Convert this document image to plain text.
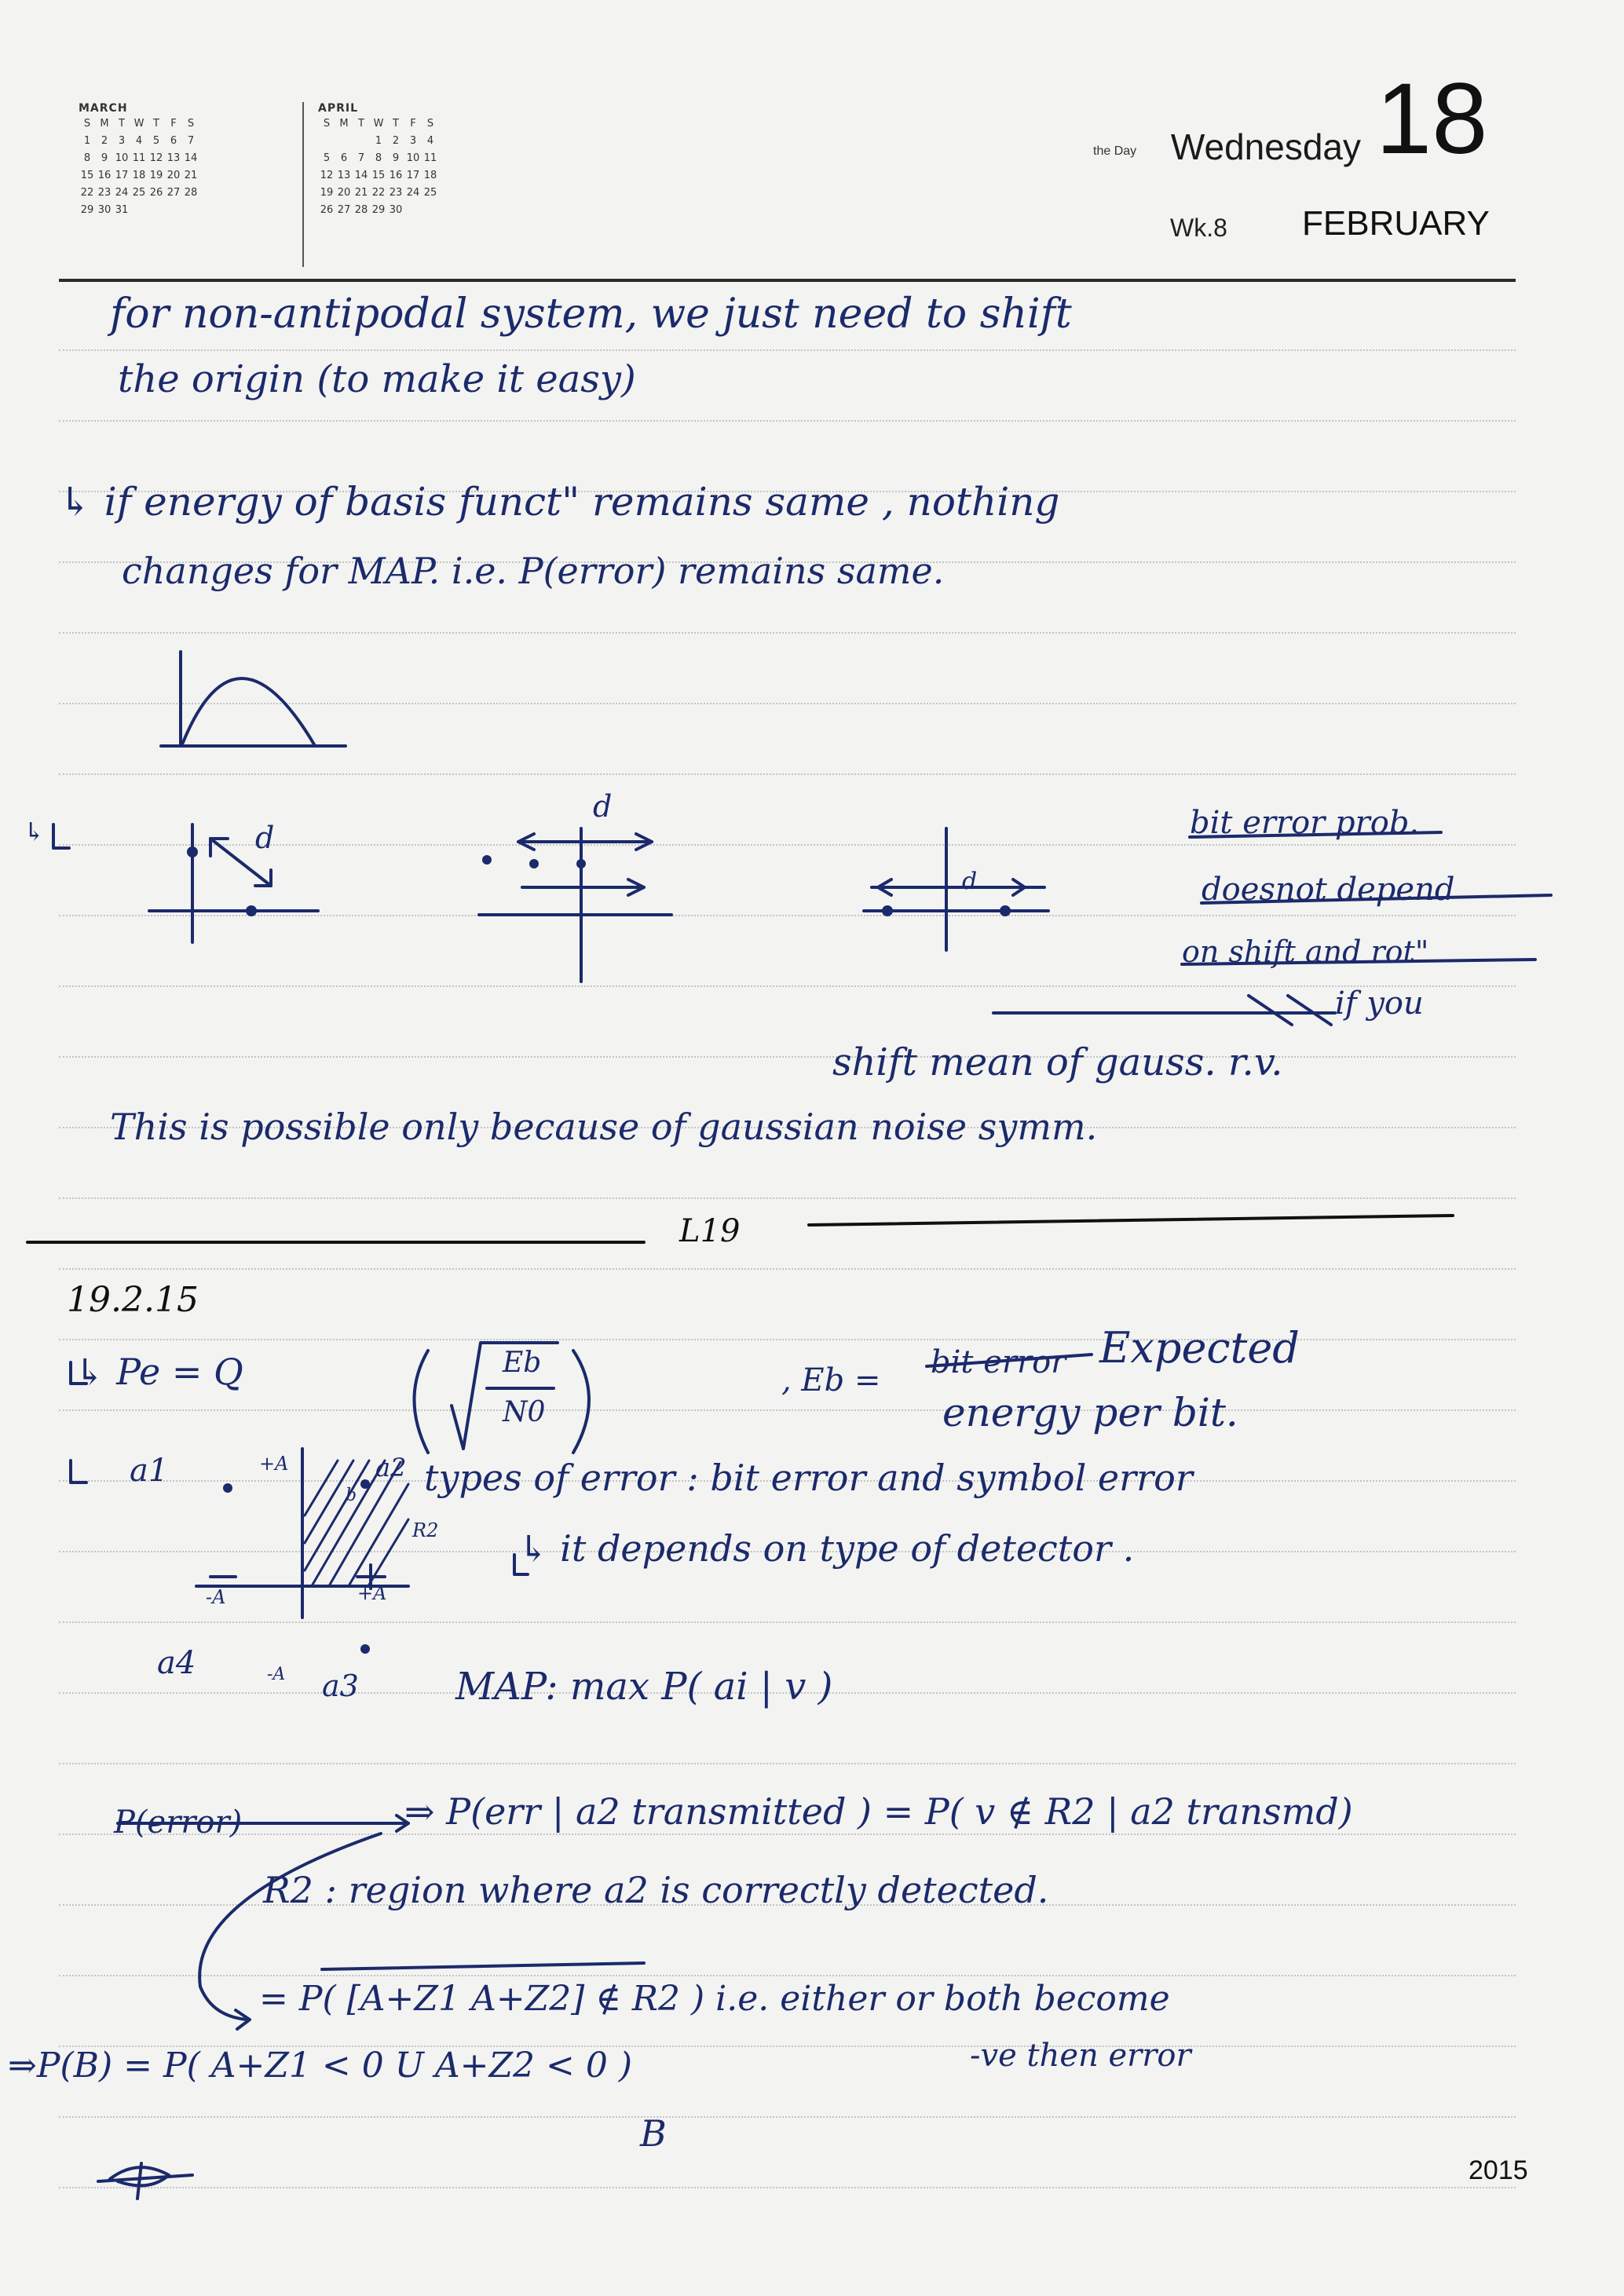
MARCH
S	M	T	W	T	F	S
1	2	3	4	5	6	7
8	9	10	11	12	13	14
15	16	17	18	19	20	21
22	23	24	25	26	27	28
29	30	31				
APRIL
S	M	T	W	T	F	S
			1	2	3	4
5	6	7	8	9	10	11
12	13	14	15	16	17	18
19	20	21	22	23	24	25
26	27	28	29	30		
the Day Wednesday 18
Wk.8 FEBRUARY
for non-antipodal system, we just need to shift
the origin (to make it easy)
↳ if energy of basis funct" remains same , nothing
changes for MAP. i.e. P(error) remains same.
↳	d
d
d
bit error prob.
doesnot depend
on shift and rot"
if you
shift mean of gauss. r.v.
This is possible only because of gaussian noise symm.
L19
19.2.15
↳ Pe = Q	Eb
N0
, Eb = bit error Expected
energy per bit.
a1	+A	a2
b
R2
-A	+A
a4	-A a3
types of error : bit error and symbol error
↳ it depends on type of detector .
MAP: max P( ai | v )
P(error)	⇒ P(err | a2 transmitted ) = P( v ∉ R2 | a2 transmd)
R2 : region where a2 is correctly detected.
= P( [A+Z1 A+Z2] ∉ R2 ) i.e. either or both become
⇒P(B) = P( A+Z1 < 0 U A+Z2 < 0 )	-ve then error
B
2015
